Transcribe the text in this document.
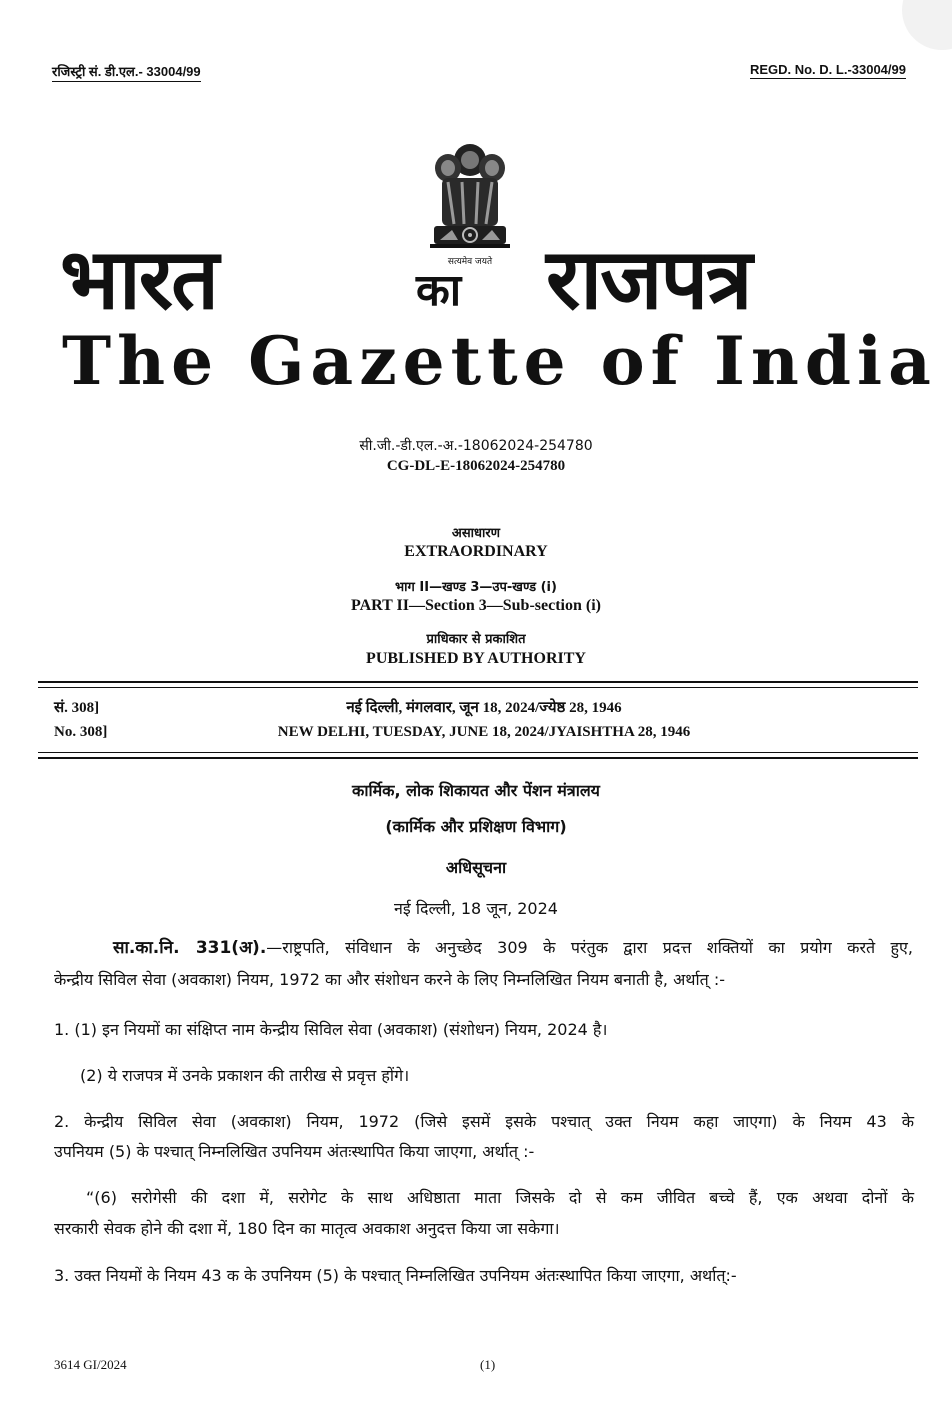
रजिस्ट्री सं. डी.एल.- 33004/99	REGD. No. D. L.-33004/99
सत्यमेव जयते
भारत	का राजपत्र
The Gazette of India
सी.जी.-डी.एल.-अ.-18062024-254780
CG-DL-E-18062024-254780
असाधारण
EXTRAORDINARY
भाग II—खण्ड 3—उप-खण्ड (i)
PART II—Section 3—Sub-section (i)
प्राधिकार से प्रकाशित
PUBLISHED BY AUTHORITY
सं. 308]	नई दिल्ली, मंगलवार, जून 18, 2024/ज्येष्ठ 28, 1946
No. 308]	NEW DELHI, TUESDAY, JUNE 18, 2024/JYAISHTHA 28, 1946
कार्मिक, लोक शिकायत और पेंशन मंत्रालय
(कार्मिक और प्रशिक्षण विभाग)
अधिसूचना
नई दिल्ली, 18 जून, 2024
सा.का.नि. 331(अ).—राष्ट्रपति, संविधान के अनुच्छेद 309 के परंतुक द्वारा प्रदत्त शक्तियों का प्रयोग करते हुए,
केन्द्रीय सिविल सेवा (अवकाश) नियम, 1972 का और संशोधन करने के लिए निम्नलिखित नियम बनाती है, अर्थात् :-
1. (1) इन नियमों का संक्षिप्त नाम केन्द्रीय सिविल सेवा (अवकाश) (संशोधन) नियम, 2024 है।
(2) ये राजपत्र में उनके प्रकाशन की तारीख से प्रवृत्त होंगे।
2. केन्द्रीय सिविल सेवा (अवकाश) नियम, 1972 (जिसे इसमें इसके पश्चात् उक्त नियम कहा जाएगा) के नियम 43 के
उपनियम (5) के पश्चात् निम्नलिखित उपनियम अंतःस्थापित किया जाएगा, अर्थात् :-
“(6) सरोगेसी की दशा में, सरोगेट के साथ अधिष्ठाता माता जिसके दो से कम जीवित बच्चे हैं, एक अथवा दोनों के
सरकारी सेवक होने की दशा में, 180 दिन का मातृत्व अवकाश अनुदत्त किया जा सकेगा।
3. उक्त नियमों के नियम 43 क के उपनियम (5) के पश्चात् निम्नलिखित उपनियम अंतःस्थापित किया जाएगा, अर्थात्:-
3614 GI/2024	(1)
